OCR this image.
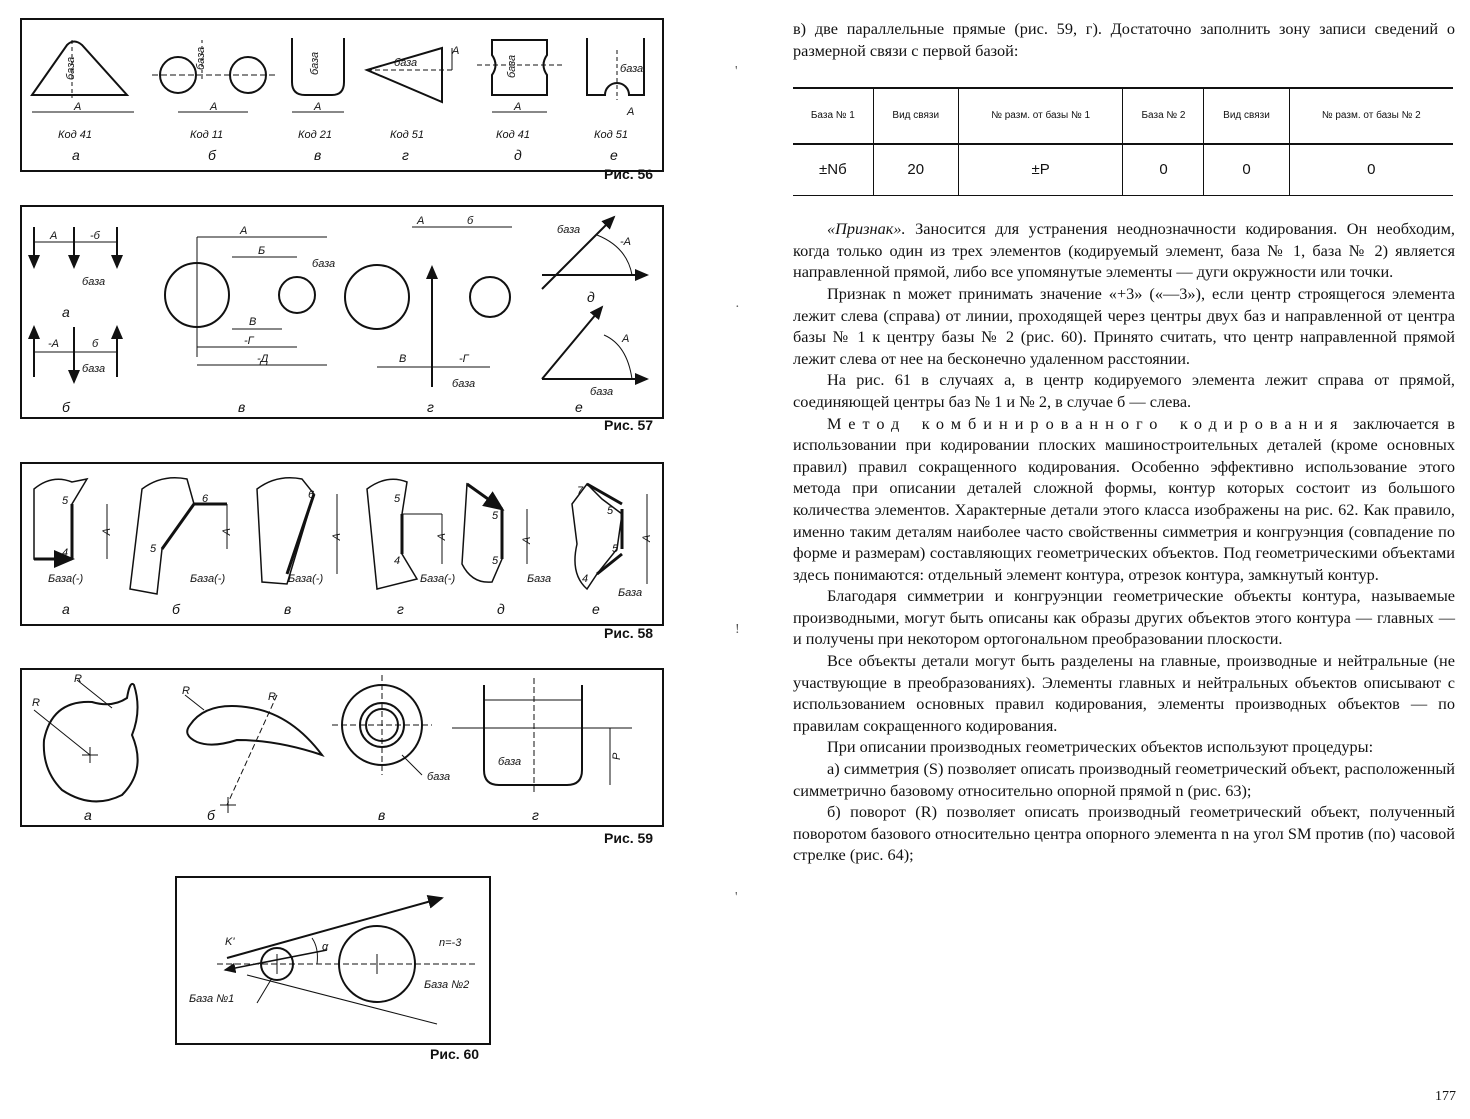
база
A
Код 41
а
база
A
Код 11
б
база
A
Код 21
в
база
A
Код 51
г
база
A
Код 41
д
база
A
Код 51
е
Рис. 56
A	-б
база
а
-A	б
база
б
A
Б
В
-Г
-Д
база
в
A	б
В	-Г
база
г
база
-A
д
A
база
е
Рис. 57
5
4
-A
База(-)
а
6
5
-A
База(-)
б
6
-A
База(-)
в
5
4
-A
База(-)
г
5
5
A
База
д
7
5
5
4
A
База
е
Рис. 58
R
R
а
R	R
б
база
в
база	P
г
Рис. 59
K
K'	α	n=-3
База №1
База №2
Рис. 60
'
·
!
'

в) две параллельные прямые (рис. 59, г). Достаточно заполнить зону записи сведений о размерной связи с первой базой:

База № 1	Вид связи	№ разм. от базы № 1	База № 2	Вид связи	№ разм. от базы № 2
±Nб	20	±P	0	0	0

«Признак». Заносится для устранения неоднозначности кодирования. Он необходим, когда только один из трех элементов (кодируемый элемент, база № 1, база № 2) является направленной прямой, либо все упомянутые элементы — дуги окружности или точки.

Признак n может принимать значение «+3» («—3»), если центр строящегося элемента лежит слева (справа) от линии, проходящей через центры двух баз и направленной от центра базы № 1 к центру базы № 2 (рис. 60). Принято считать, что центр направленной прямой лежит слева от нее на бесконечно удаленном расстоянии.

На рис. 61 в случаях а, в центр кодируемого элемента лежит справа от прямой, соединяющей центры баз № 1 и № 2, в случае б — слева.

Метод комбинированного кодирования заключается в использовании при кодировании плоских машиностроительных деталей (кроме основных правил) правил сокращенного кодирования. Особенно эффективно использование этого метода при описании деталей сложной формы, контур которых состоит из большого количества элементов. Характерные детали этого класса изображены на рис. 62. Как правило, именно таким деталям наиболее часто свойственны симметрия и конгруэнция (совпадение по форме и размерам) составляющих геометрических объектов. Под геометрическими объектами здесь понимаются: отдельный элемент контура, отрезок контура, замкнутый контур.

Благодаря симметрии и конгруэнции геометрические объекты контура, называемые производными, могут быть описаны как образы других объектов этого контура — главных — и получены при некотором ортогональном преобразовании плоскости.

Все объекты детали могут быть разделены на главные, производные и нейтральные (не участвующие в преобразованиях). Элементы главных и нейтральных объектов описывают с использованием основных правил кодирования, элементы производных объектов — по правилам сокращенного кодирования.

При описании производных геометрических объектов используют процедуры:

а) симметрия (S) позволяет описать производный геометрический объект, расположенный симметрично базовому относительно опорной прямой n (рис. 63);

б) поворот (R) позволяет описать производный геометрический объект, полученный поворотом базового относительно центра опорного элемента n на угол SM против (по) часовой стрелке (рис. 64);

177
